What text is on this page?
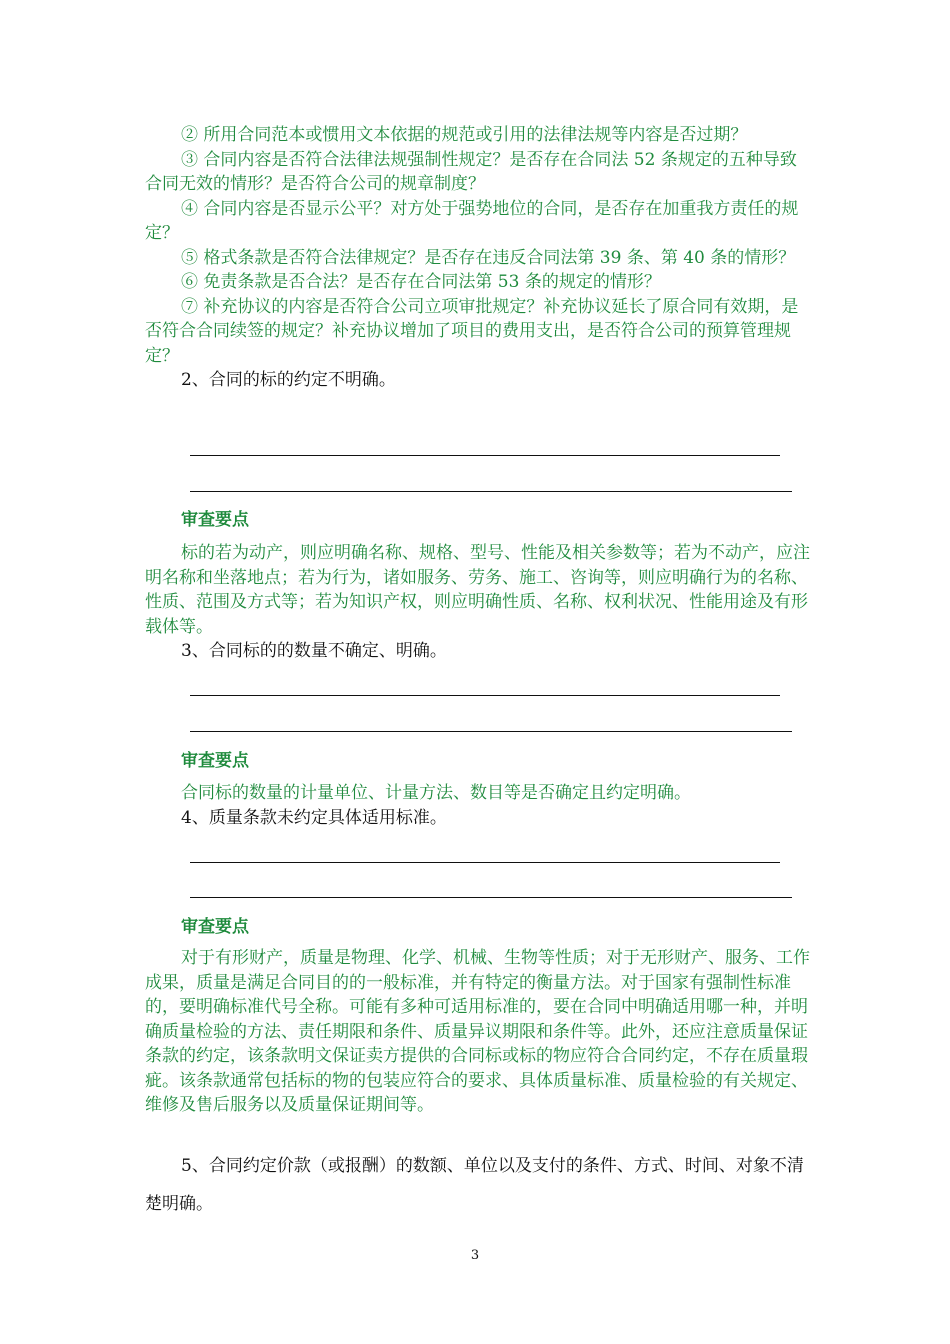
② 所用合同范本或惯用文本依据的规范或引用的法律法规等内容是否过期？

③ 合同内容是否符合法律法规强制性规定？是否存在合同法 52 条规定的五种导致合同无效的情形？是否符合公司的规章制度？

④ 合同内容是否显示公平？对方处于强势地位的合同，是否存在加重我方责任的规定？

⑤ 格式条款是否符合法律规定？是否存在违反合同法第 39 条、第 40 条的情形？

⑥ 免责条款是否合法？是否存在合同法第 53 条的规定的情形？

⑦ 补充协议的内容是否符合公司立项审批规定？补充协议延长了原合同有效期，是否符合合同续签的规定？补充协议增加了项目的费用支出，是否符合公司的预算管理规定？

2、合同的标的约定不明确。

审查要点

标的若为动产，则应明确名称、规格、型号、性能及相关参数等；若为不动产，应注明名称和坐落地点；若为行为，诸如服务、劳务、施工、咨询等，则应明确行为的名称、性质、范围及方式等；若为知识产权，则应明确性质、名称、权利状况、性能用途及有形载体等。

3、合同标的的数量不确定、明确。

审查要点

合同标的数量的计量单位、计量方法、数目等是否确定且约定明确。

4、质量条款未约定具体适用标准。

审查要点

对于有形财产，质量是物理、化学、机械、生物等性质；对于无形财产、服务、工作成果，质量是满足合同目的的一般标准，并有特定的衡量方法。对于国家有强制性标准的，要明确标准代号全称。可能有多种可适用标准的，要在合同中明确适用哪一种，并明确质量检验的方法、责任期限和条件、质量异议期限和条件等。此外，还应注意质量保证条款的约定，该条款明文保证卖方提供的合同标或标的物应符合合同约定，不存在质量瑕疵。该条款通常包括标的物的包装应符合的要求、具体质量标准、质量检验的有关规定、维修及售后服务以及质量保证期间等。

5、合同约定价款（或报酬）的数额、单位以及支付的条件、方式、时间、对象不清楚明确。

3
